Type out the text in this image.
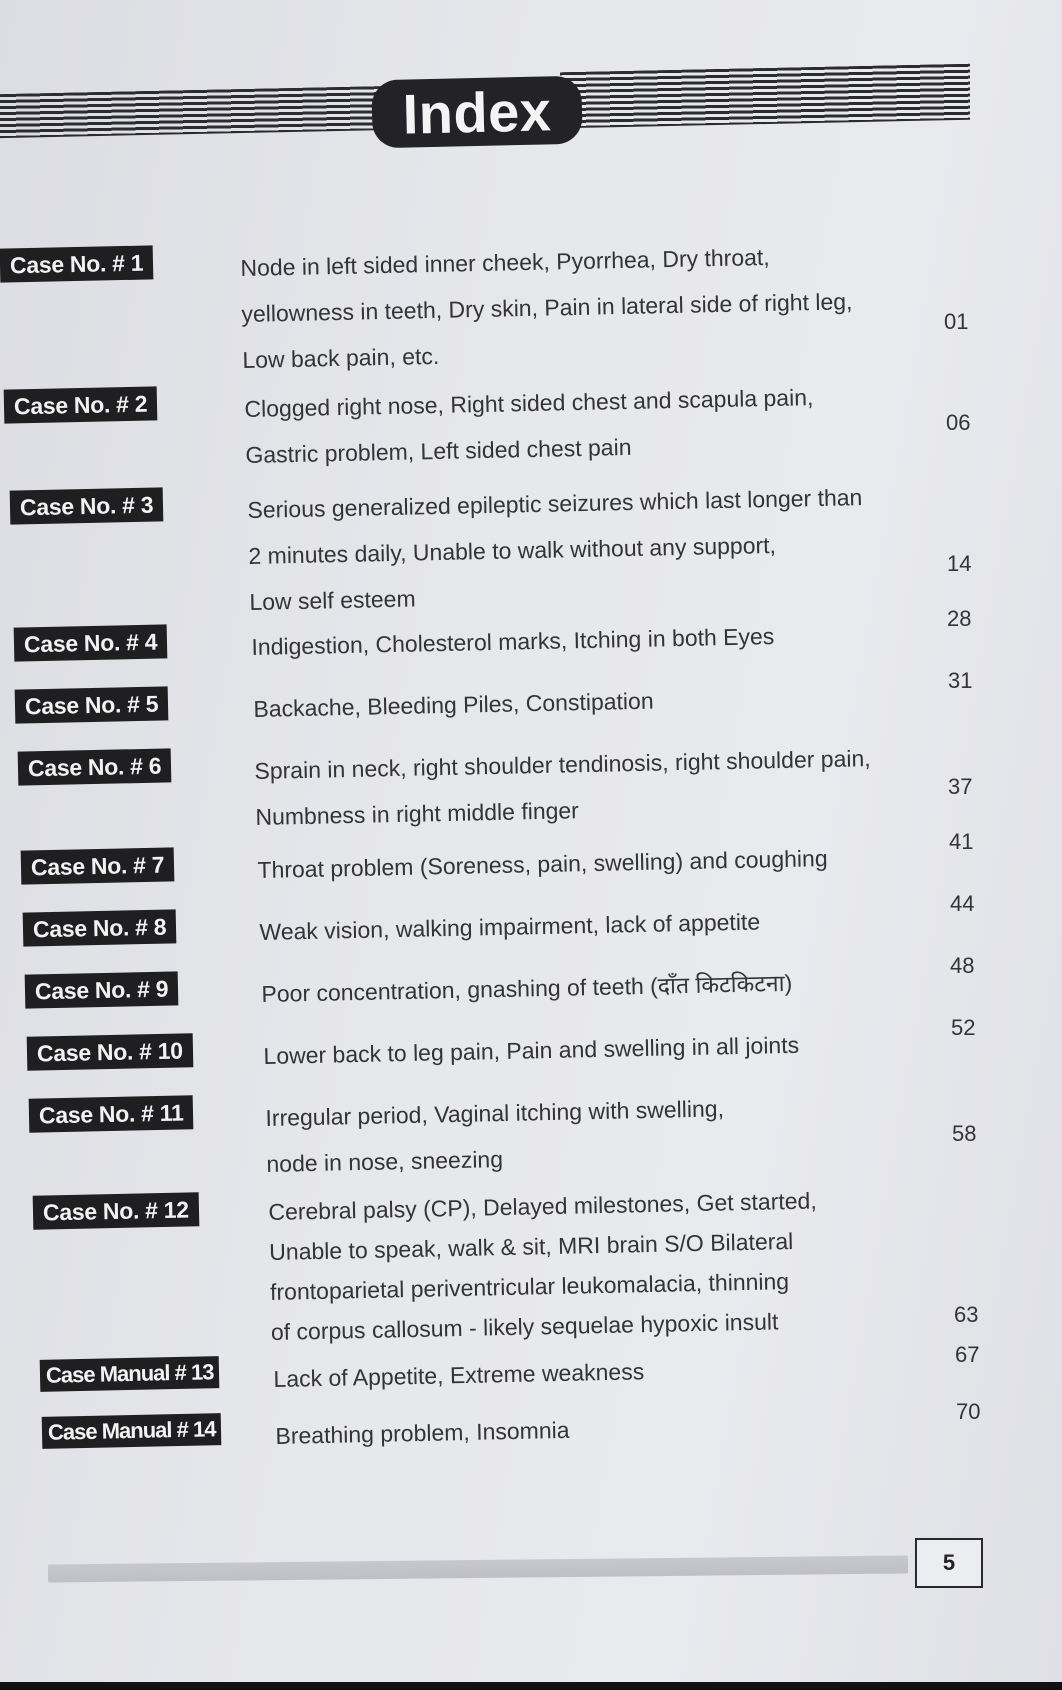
Index
Case No. # 1	Node in left sided inner cheek, Pyorrhea, Dry throat,
yellowness in teeth, Dry skin, Pain in lateral side of right leg,
Low back pain, etc.
01
Case No. # 2	Clogged right nose, Right sided chest and scapula pain,
Gastric problem, Left sided chest pain
06
Case No. # 3	Serious generalized epileptic seizures which last longer than
2 minutes daily, Unable to walk without any support,
Low self esteem
14
Case No. # 4	Indigestion, Cholesterol marks, Itching in both Eyes
28
Case No. # 5	Backache, Bleeding Piles, Constipation
31
Case No. # 6	Sprain in neck, right shoulder tendinosis, right shoulder pain,
Numbness in right middle finger
37
Case No. # 7	Throat problem (Soreness, pain, swelling) and coughing
41
Case No. # 8	Weak vision, walking impairment, lack of appetite
44
Case No. # 9	Poor concentration, gnashing of teeth (दाँत किटकिटना)
48
Case No. # 10	Lower back to leg pain, Pain and swelling in all joints
52
Case No. # 11	Irregular period, Vaginal itching with swelling,
node in nose, sneezing
58
Case No. # 12	Cerebral palsy (CP), Delayed milestones, Get started,
Unable to speak, walk & sit, MRI brain S/O Bilateral
frontoparietal periventricular leukomalacia, thinning
of corpus callosum - likely sequelae hypoxic insult	63
Case Manual # 13	Lack of Appetite, Extreme weakness
67
Case Manual # 14	Breathing problem, Insomnia
70
5
